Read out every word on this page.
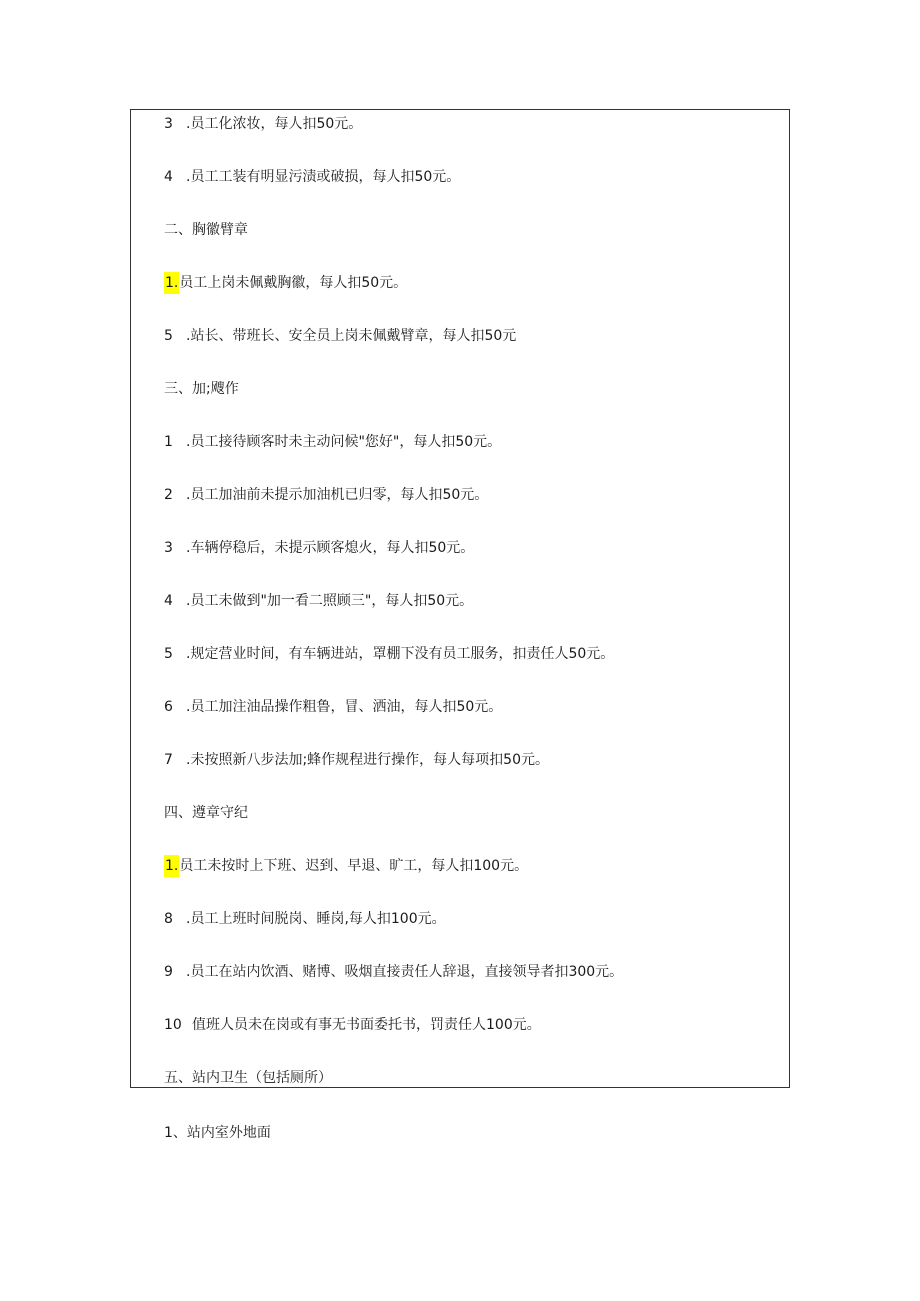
3 .员工化浓妆，每人扣50元。
4 .员工工装有明显污渍或破损，每人扣50元。
二、胸徽臂章
1.员工上岗未佩戴胸徽，每人扣50元。
5 .站长、带班长、安全员上岗未佩戴臂章，每人扣50元
三、加;飕作
1 .员工接待顾客时未主动问候"您好"，每人扣50元。
2 .员工加油前未提示加油机已归零，每人扣50元。
3 .车辆停稳后，未提示顾客熄火，每人扣50元。
4 .员工未做到"加一看二照顾三"，每人扣50元。
5 .规定营业时间，有车辆进站，罩棚下没有员工服务，扣责任人50元。
6 .员工加注油品操作粗鲁，冒、洒油，每人扣50元。
7 .未按照新八步法加;蜂作规程进行操作，每人每项扣50元。
四、遵章守纪
1.员工未按时上下班、迟到、早退、旷工，每人扣100元。
8 .员工上班时间脱岗、睡岗,每人扣100元。
9 .员工在站内饮酒、赌博、吸烟直接责任人辞退，直接领导者扣300元。
10 值班人员未在岗或有事无书面委托书，罚责任人100元。
五、站内卫生（包括厕所）
1、站内室外地面
